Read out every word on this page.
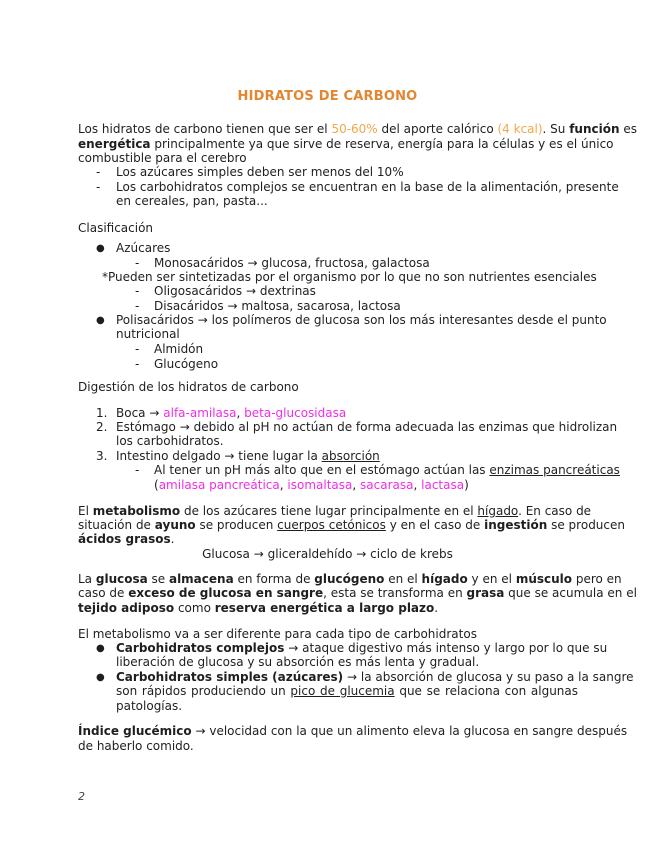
HIDRATOS DE CARBONO
Los hidratos de carbono tienen que ser el 50-60% del aporte calórico (4 kcal). Su función es
energética principalmente ya que sirve de reserva, energía para la células y es el único
combustible para el cerebro
- Los azúcares simples deben ser menos del 10%
- Los carbohidratos complejos se encuentran en la base de la alimentación, presente
en cereales, pan, pasta...
Clasificación
● Azúcares
- Monosacáridos → glucosa, fructosa, galactosa
*Pueden ser sintetizadas por el organismo por lo que no son nutrientes esenciales
- Oligosacáridos → dextrinas
- Disacáridos → maltosa, sacarosa, lactosa
● Polisacáridos → los polímeros de glucosa son los más interesantes desde el punto
nutricional
- Almidón
- Glucógeno
Digestión de los hidratos de carbono
1. Boca → alfa-amilasa, beta-glucosidasa
2. Estómago → debido al pH no actúan de forma adecuada las enzimas que hidrolizan
los carbohidratos.
3. Intestino delgado → tiene lugar la absorción
- Al tener un pH más alto que en el estómago actúan las enzimas pancreáticas
(amilasa pancreática, isomaltasa, sacarasa, lactasa)
El metabolismo de los azúcares tiene lugar principalmente en el hígado. En caso de
situación de ayuno se producen cuerpos cetónicos y en el caso de ingestión se producen
ácidos grasos.
Glucosa → gliceraldehído → ciclo de krebs
La glucosa se almacena en forma de glucógeno en el hígado y en el músculo pero en
caso de exceso de glucosa en sangre, esta se transforma en grasa que se acumula en el
tejido adiposo como reserva energética a largo plazo.
El metabolismo va a ser diferente para cada tipo de carbohidratos
● Carbohidratos complejos → ataque digestivo más intenso y largo por lo que su
liberación de glucosa y su absorción es más lenta y gradual.
● Carbohidratos simples (azúcares) → la absorción de glucosa y su paso a la sangre
son rápidos produciendo un pico de glucemia que se relaciona con algunas
patologías.
Índice glucémico → velocidad con la que un alimento eleva la glucosa en sangre después
de haberlo comido.
2
